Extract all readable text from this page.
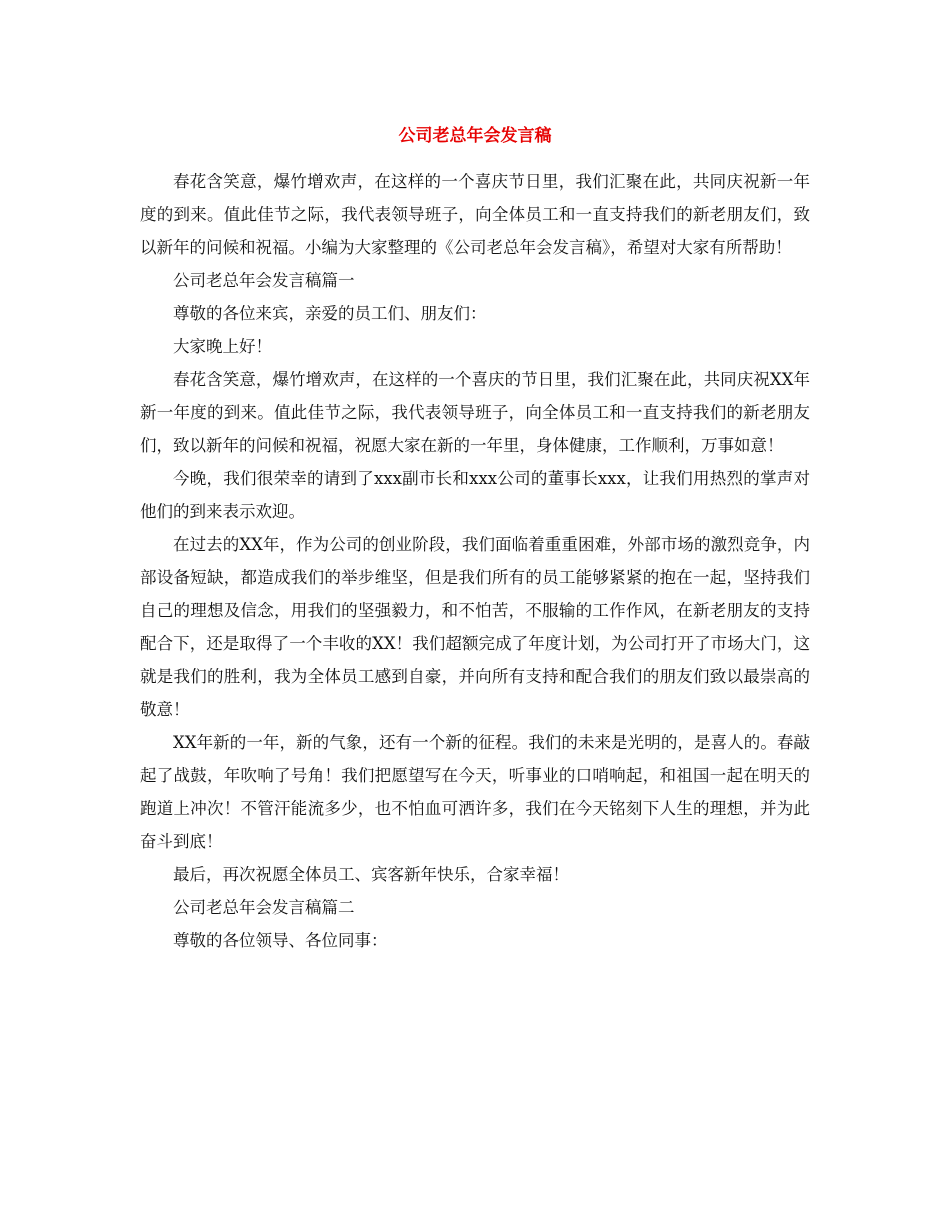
公司老总年会发言稿

春花含笑意，爆竹增欢声，在这样的一个喜庆节日里，我们汇聚在此，共同庆祝新一年度的到来。值此佳节之际，我代表领导班子，向全体员工和一直支持我们的新老朋友们，致以新年的问候和祝福。小编为大家整理的《公司老总年会发言稿》，希望对大家有所帮助！

公司老总年会发言稿篇一

尊敬的各位来宾，亲爱的员工们、朋友们：

大家晚上好！

春花含笑意，爆竹增欢声，在这样的一个喜庆的节日里，我们汇聚在此，共同庆祝XX年新一年度的到来。值此佳节之际，我代表领导班子，向全体员工和一直支持我们的新老朋友们，致以新年的问候和祝福，祝愿大家在新的一年里，身体健康，工作顺利，万事如意！

今晚，我们很荣幸的请到了xxx副市长和xxx公司的董事长xxx，让我们用热烈的掌声对他们的到来表示欢迎。

在过去的XX年，作为公司的创业阶段，我们面临着重重困难，外部市场的激烈竞争，内部设备短缺，都造成我们的举步维坚，但是我们所有的员工能够紧紧的抱在一起，坚持我们自己的理想及信念，用我们的坚强毅力，和不怕苦，不服输的工作作风，在新老朋友的支持配合下，还是取得了一个丰收的XX！我们超额完成了年度计划，为公司打开了市场大门，这就是我们的胜利，我为全体员工感到自豪，并向所有支持和配合我们的朋友们致以最崇高的敬意！

XX年新的一年，新的气象，还有一个新的征程。我们的未来是光明的，是喜人的。春敲起了战鼓，年吹响了号角！我们把愿望写在今天，听事业的口哨响起，和祖国一起在明天的跑道上冲次！不管汗能流多少，也不怕血可洒许多，我们在今天铭刻下人生的理想，并为此奋斗到底！

最后，再次祝愿全体员工、宾客新年快乐，合家幸福！

公司老总年会发言稿篇二

尊敬的各位领导、各位同事：
